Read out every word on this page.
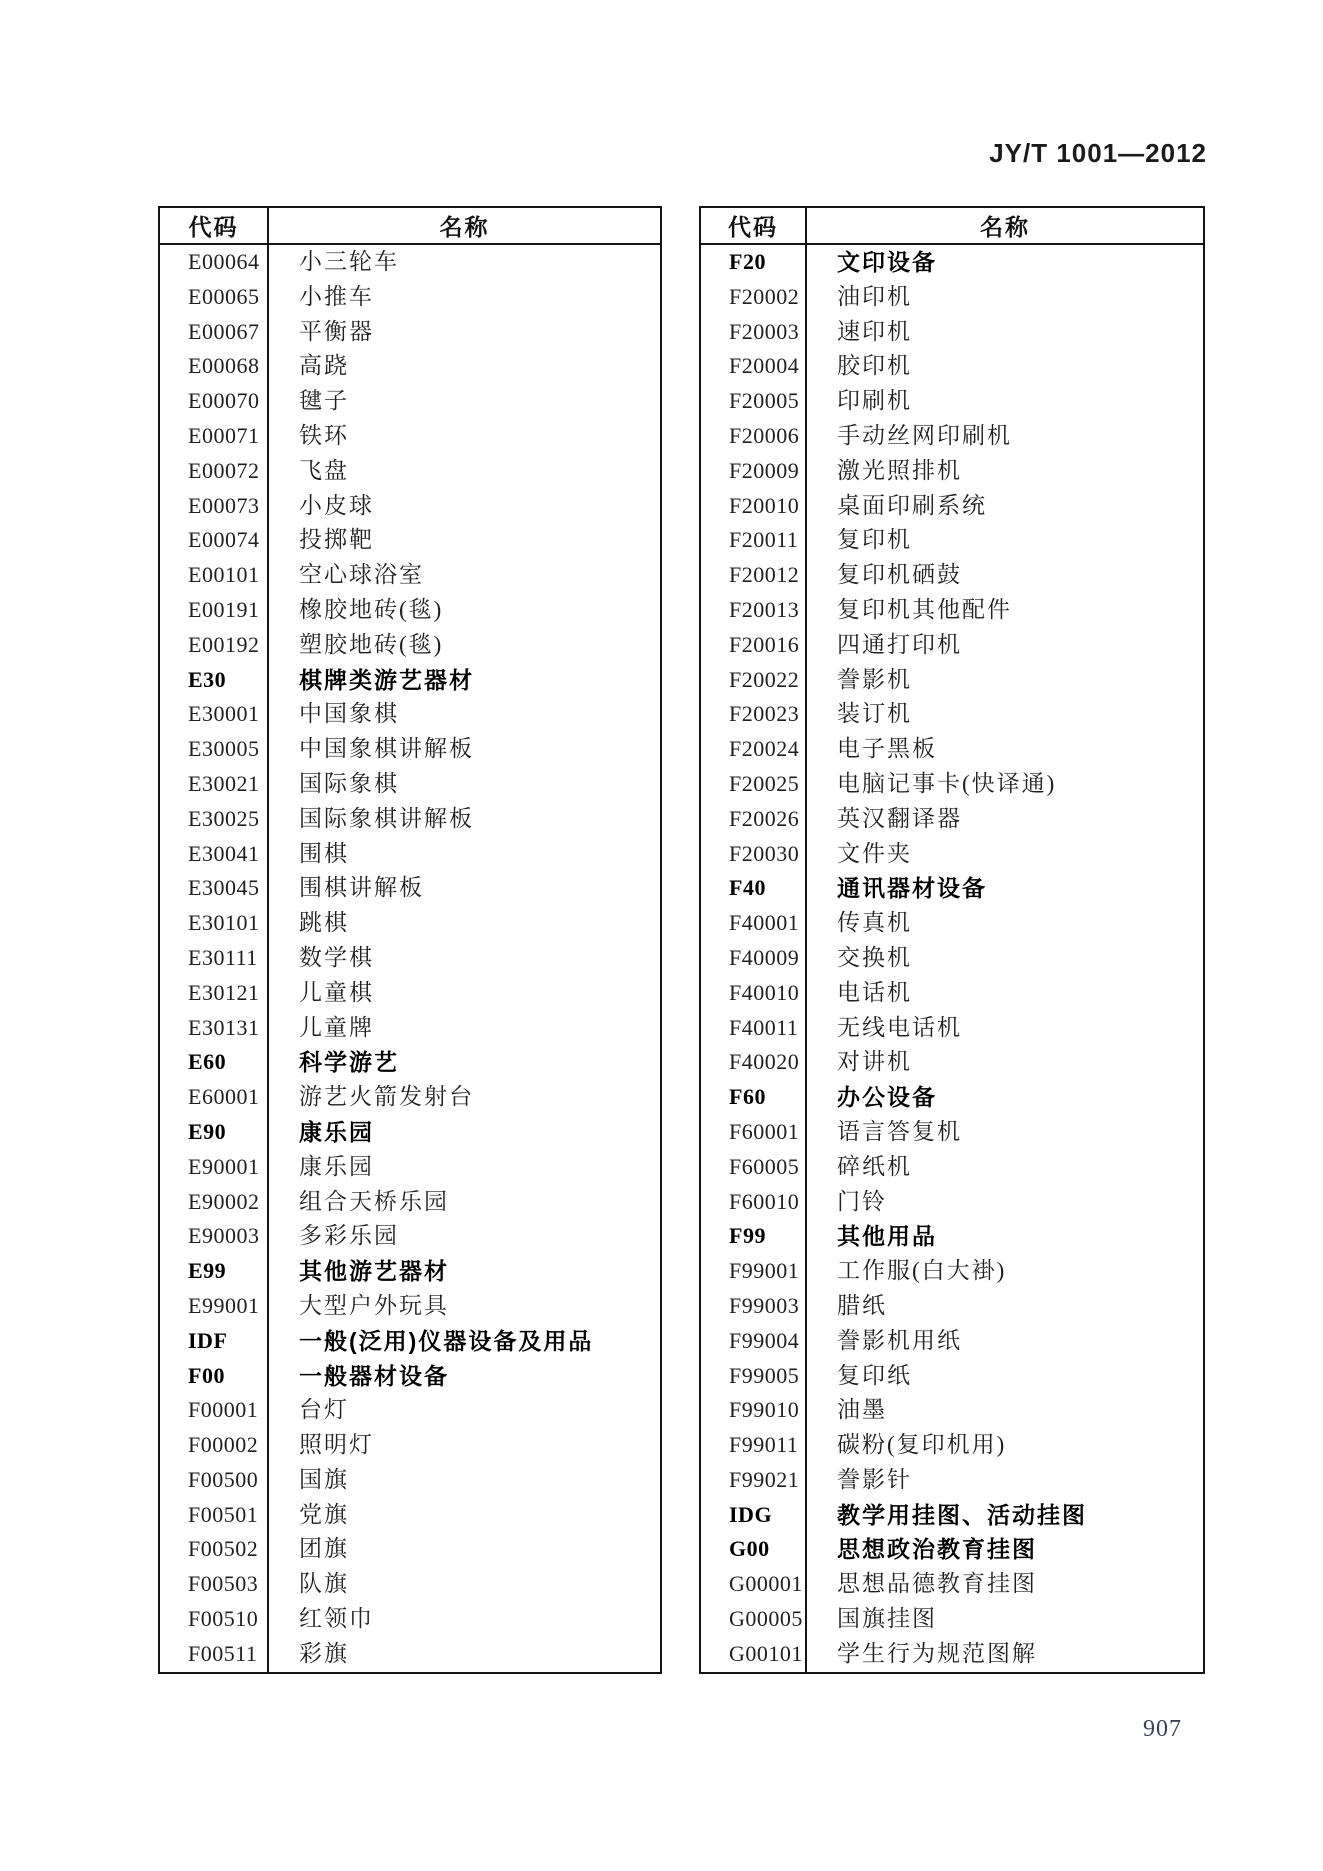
JY/T 1001—2012
代码	名称
E00064	小三轮车
E00065	小推车
E00067	平衡器
E00068	高跷
E00070	毽子
E00071	铁环
E00072	飞盘
E00073	小皮球
E00074	投掷靶
E00101	空心球浴室
E00191	橡胶地砖(毯)
E00192	塑胶地砖(毯)
E30	棋牌类游艺器材
E30001	中国象棋
E30005	中国象棋讲解板
E30021	国际象棋
E30025	国际象棋讲解板
E30041	围棋
E30045	围棋讲解板
E30101	跳棋
E30111	数学棋
E30121	儿童棋
E30131	儿童牌
E60	科学游艺
E60001	游艺火箭发射台
E90	康乐园
E90001	康乐园
E90002	组合天桥乐园
E90003	多彩乐园
E99	其他游艺器材
E99001	大型户外玩具
IDF	一般(泛用)仪器设备及用品
F00	一般器材设备
F00001	台灯
F00002	照明灯
F00500	国旗
F00501	党旗
F00502	团旗
F00503	队旗
F00510	红领巾
F00511	彩旗
代码	名称
F20	文印设备
F20002	油印机
F20003	速印机
F20004	胶印机
F20005	印刷机
F20006	手动丝网印刷机
F20009	激光照排机
F20010	桌面印刷系统
F20011	复印机
F20012	复印机硒鼓
F20013	复印机其他配件
F20016	四通打印机
F20022	誊影机
F20023	装订机
F20024	电子黑板
F20025	电脑记事卡(快译通)
F20026	英汉翻译器
F20030	文件夹
F40	通讯器材设备
F40001	传真机
F40009	交换机
F40010	电话机
F40011	无线电话机
F40020	对讲机
F60	办公设备
F60001	语言答复机
F60005	碎纸机
F60010	门铃
F99	其他用品
F99001	工作服(白大褂)
F99003	腊纸
F99004	誊影机用纸
F99005	复印纸
F99010	油墨
F99011	碳粉(复印机用)
F99021	誊影针
IDG	教学用挂图、活动挂图
G00	思想政治教育挂图
G00001	思想品德教育挂图
G00005	国旗挂图
G00101	学生行为规范图解
907
